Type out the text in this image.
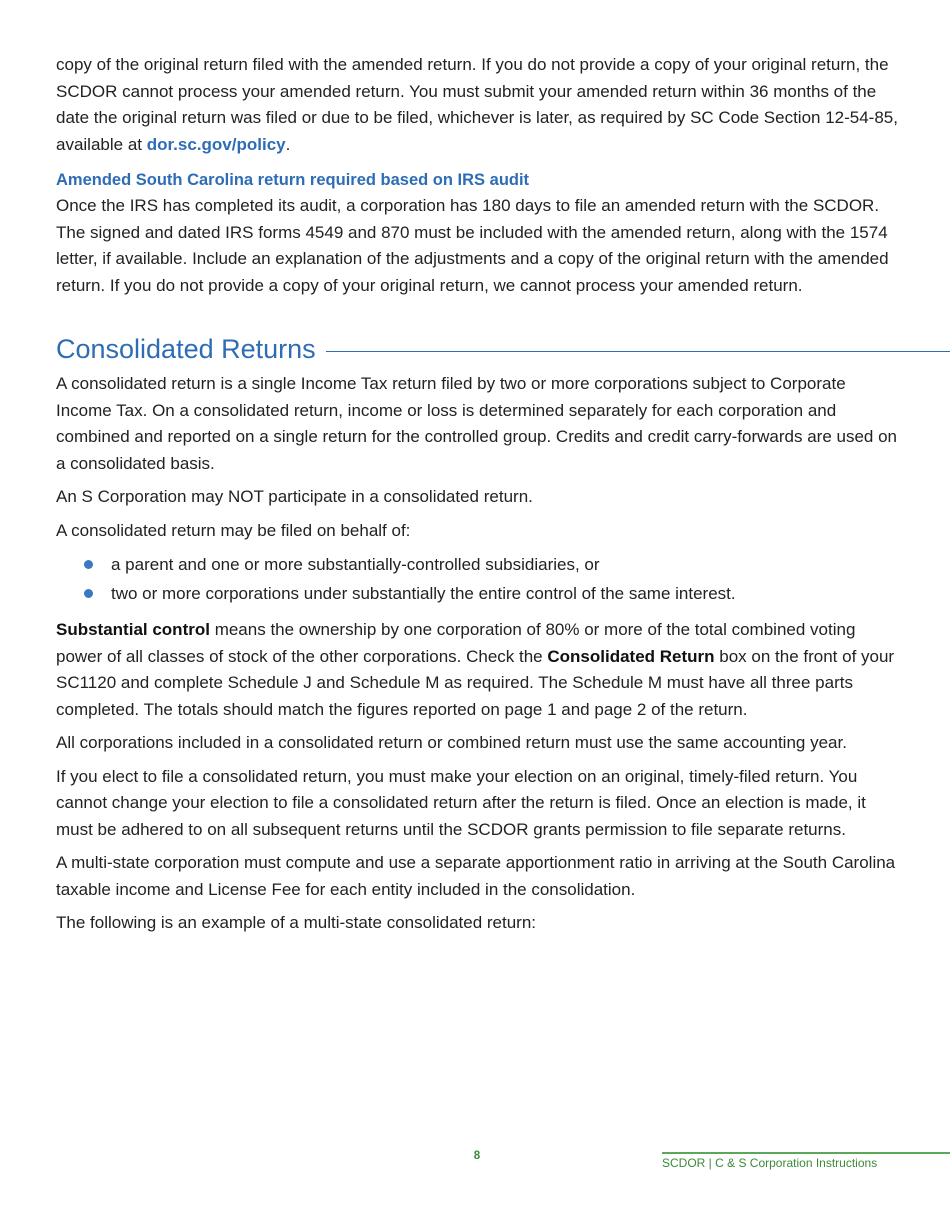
copy of the original return filed with the amended return. If you do not provide a copy of your original return, the SCDOR cannot process your amended return. You must submit your amended return within 36 months of the date the original return was filed or due to be filed, whichever is later, as required by SC Code Section 12-54-85, available at dor.sc.gov/policy.

Amended South Carolina return required based on IRS audit

Once the IRS has completed its audit, a corporation has 180 days to file an amended return with the SCDOR. The signed and dated IRS forms 4549 and 870 must be included with the amended return, along with the 1574 letter, if available. Include an explanation of the adjustments and a copy of the original return with the amended return. If you do not provide a copy of your original return, we cannot process your amended return.

Consolidated Returns

A consolidated return is a single Income Tax return filed by two or more corporations subject to Corporate Income Tax. On a consolidated return, income or loss is determined separately for each corporation and combined and reported on a single return for the controlled group. Credits and credit carry-forwards are used on a consolidated basis.

An S Corporation may NOT participate in a consolidated return.

A consolidated return may be filed on behalf of:

a parent and one or more substantially-controlled subsidiaries, or
two or more corporations under substantially the entire control of the same interest.

Substantial control means the ownership by one corporation of 80% or more of the total combined voting power of all classes of stock of the other corporations. Check the Consolidated Return box on the front of your SC1120 and complete Schedule J and Schedule M as required. The Schedule M must have all three parts completed. The totals should match the figures reported on page 1 and page 2 of the return.

All corporations included in a consolidated return or combined return must use the same accounting year.

If you elect to file a consolidated return, you must make your election on an original, timely-filed return. You cannot change your election to file a consolidated return after the return is filed. Once an election is made, it must be adhered to on all subsequent returns until the SCDOR grants permission to file separate returns.

A multi-state corporation must compute and use a separate apportionment ratio in arriving at the South Carolina taxable income and License Fee for each entity included in the consolidation.

The following is an example of a multi-state consolidated return:

8	SCDOR | C & S Corporation Instructions
